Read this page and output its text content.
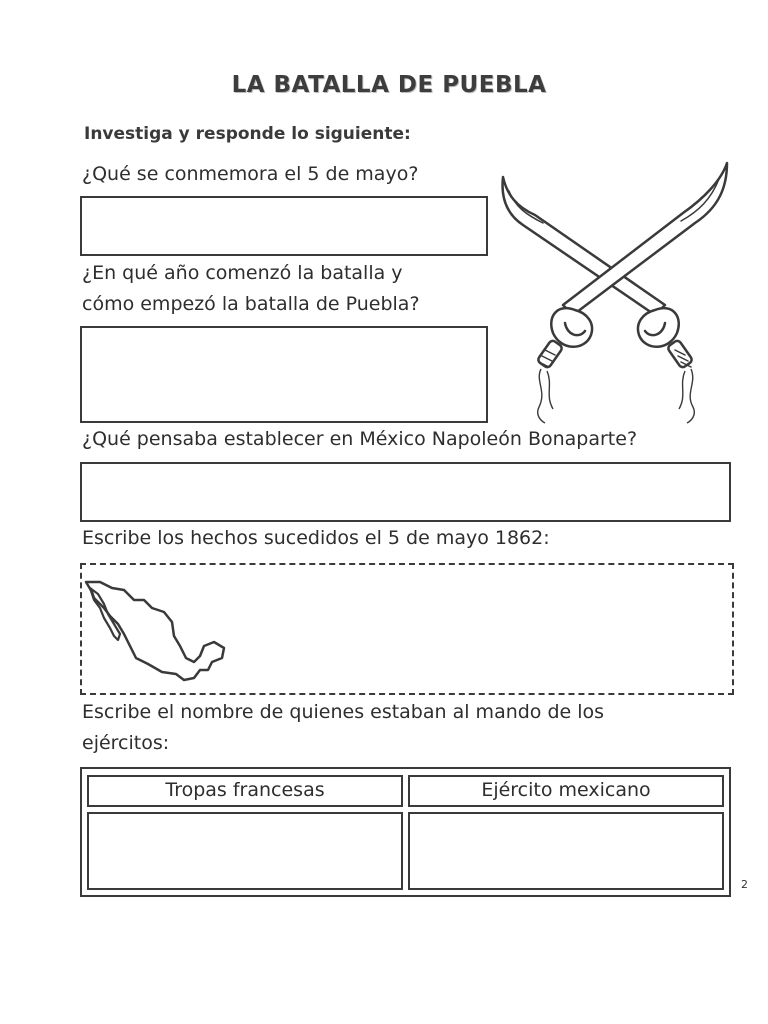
LA BATALLA DE PUEBLA
Investiga y responde lo siguiente:
¿Qué se conmemora el 5 de mayo?
¿En qué año comenzó la batalla y
cómo empezó la batalla de Puebla?
¿Qué pensaba establecer en México Napoleón Bonaparte?
Escribe los hechos sucedidos el 5 de mayo 1862:
Escribe el nombre de quienes estaban al mando de los
ejércitos:
Tropas francesas	Ejército mexicano
2
